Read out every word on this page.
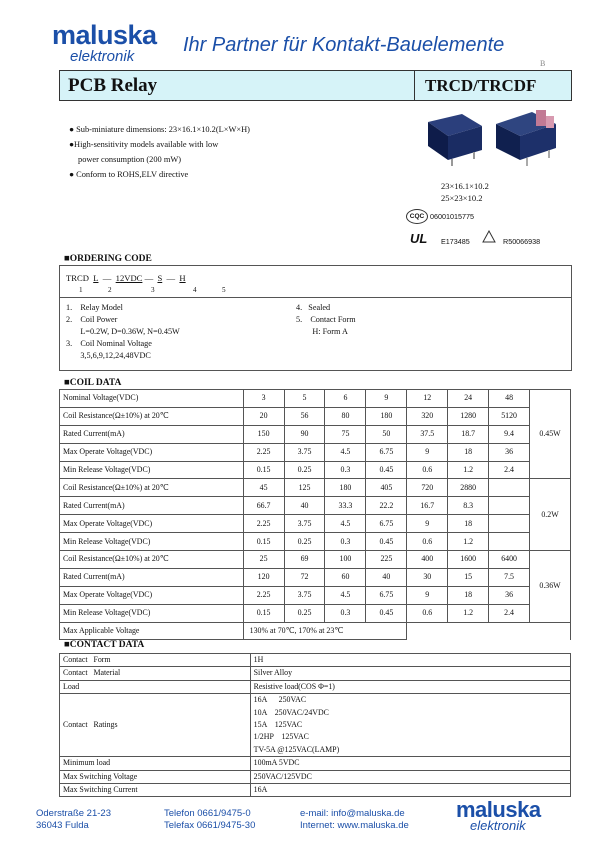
maluska
elektronik
Ihr Partner für Kontakt-Bauelemente
B
PCB Relay	TRCD/TRCDF
● Sub-miniature dimensions: 23×16.1×10.2(L×W×H)
●High-sensitivity models available with low
power consumption (200 mW)
● Conform to ROHS,ELV directive
23×16.1×10.2
25×23×10.2
CQC 06001015775
UL E173485	R50066938
■ORDERING CODE
TRCD L — 12VDC — S — H
1	2	3	4	5
1.    Relay Model
2.    Coil Power
L=0.2W, D=0.36W, N=0.45W
3.    Coil Nominal Voltage
3,5,6,9,12,24,48VDC
4.   Sealed
5.    Contact Form
H: Form A
■COIL DATA
Nominal Voltage(VDC)	3	5	6	9	12	24	48	0.45W
Coil Resistance(Ω±10%) at 20℃	20	56	80	180	320	1280	5120	
Rated Current(mA)	150	90	75	50	37.5	18.7	9.4	
Max Operate Voltage(VDC)	2.25	3.75	4.5	6.75	9	18	36	
Min Release Voltage(VDC)	0.15	0.25	0.3	0.45	0.6	1.2	2.4	
Coil Resistance(Ω±10%) at 20℃	45	125	180	405	720	2880		0.2W
Rated Current(mA)	66.7	40	33.3	22.2	16.7	8.3		
Max Operate Voltage(VDC)	2.25	3.75	4.5	6.75	9	18		
Min Release Voltage(VDC)	0.15	0.25	0.3	0.45	0.6	1.2		
Coil Resistance(Ω±10%) at 20℃	25	69	100	225	400	1600	6400	0.36W
Rated Current(mA)	120	72	60	40	30	15	7.5	
Max Operate Voltage(VDC)	2.25	3.75	4.5	6.75	9	18	36	
Min Release Voltage(VDC)	0.15	0.25	0.3	0.45	0.6	1.2	2.4	
Max Applicable Voltage	130% at 70℃, 170% at 23℃							
■CONTACT DATA
Contact   Form	1H

Contact   Material	Silver Alloy

Load	Resistive load(COS Φ=1)

Contact   Ratings	16A      250VAC
10A    250VAC/24VDC
15A    125VAC
1/2HP    125VAC
TV-5A @125VAC(LAMP)

Minimum load	100mA 5VDC

Max Switching Voltage	250VAC/125VDC

Max Switching Current	16A
Oderstraße 21-23
36043 Fulda
Telefon 0661/9475-0
Telefax 0661/9475-30
e-mail: info@maluska.de
Internet: www.maluska.de
maluska
elektronik
